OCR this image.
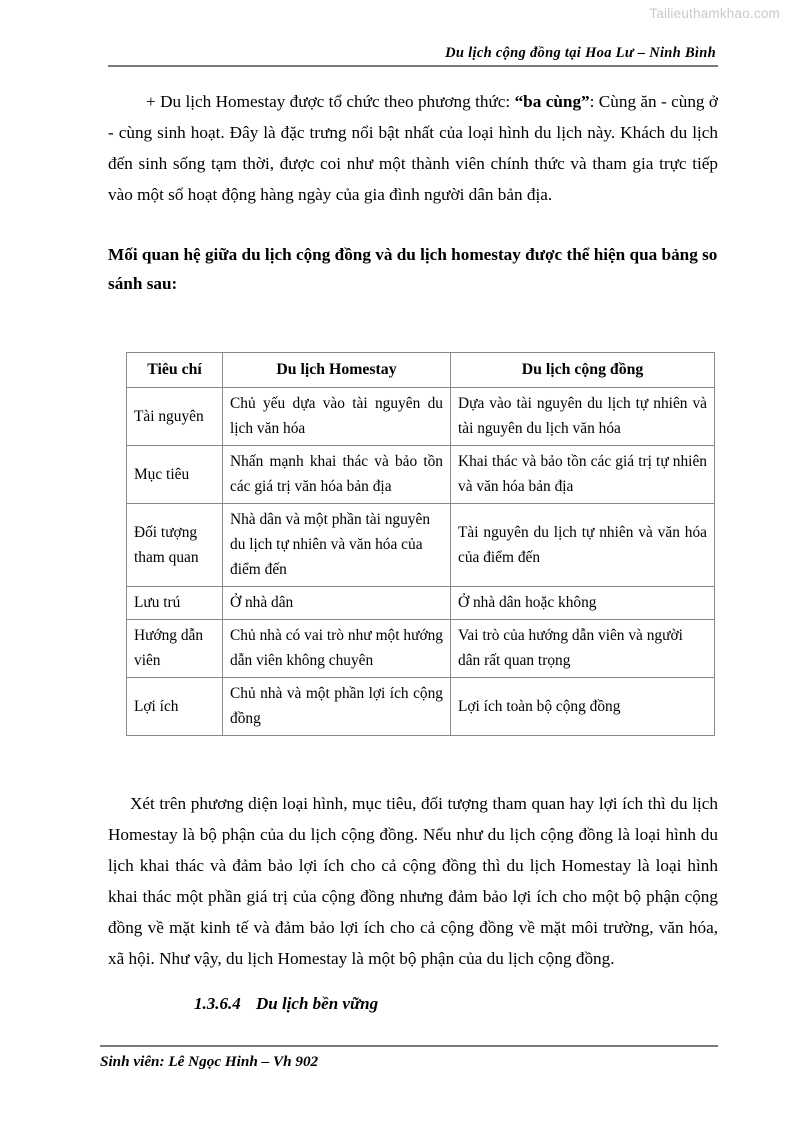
Tailieuthamkhao.com
Du lịch cộng đồng tại Hoa Lư – Ninh Bình

+ Du lịch Homestay được tổ chức theo phương thức: “ba cùng”: Cùng ăn - cùng ở - cùng sinh hoạt. Đây là đặc trưng nổi bật nhất của loại hình du lịch này. Khách du lịch đến sinh sống tạm thời, được coi như một thành viên chính thức và tham gia trực tiếp vào một số hoạt động hàng ngày của gia đình người dân bản địa.

Mối quan hệ giữa du lịch cộng đồng và du lịch homestay được thể hiện qua bảng so sánh sau:

Tiêu chí	Du lịch Homestay	Du lịch cộng đồng
Tài nguyên	Chủ yếu dựa vào tài nguyên du lịch văn hóa	Dựa vào tài nguyên du lịch tự nhiên và tài nguyên du lịch văn hóa
Mục tiêu	Nhấn mạnh khai thác và bảo tồn các giá trị văn hóa bản địa	Khai thác và bảo tồn các giá trị tự nhiên và văn hóa bản địa
Đối tượng tham quan	Nhà dân và một phần tài nguyên du lịch tự nhiên và văn hóa của điểm đến	Tài nguyên du lịch tự nhiên và văn hóa của điểm đến
Lưu trú	Ở nhà dân	Ở nhà dân hoặc không
Hướng dẫn viên	Chủ nhà có vai trò như một hướng dẫn viên không chuyên	Vai trò của hướng dẫn viên và người dân rất quan trọng
Lợi ích	Chủ nhà và một phần lợi ích cộng đồng	Lợi ích toàn bộ cộng đồng

Xét trên phương diện loại hình, mục tiêu, đối tượng tham quan hay lợi ích thì du lịch Homestay là bộ phận của du lịch cộng đồng. Nếu như du lịch cộng đồng là loại hình du lịch khai thác và đảm bảo lợi ích cho cả cộng đồng thì du lịch Homestay là loại hình khai thác một phần giá trị của cộng đồng nhưng đảm bảo lợi ích cho một bộ phận cộng đồng về mặt kinh tế và đảm bảo lợi ích cho cả cộng đồng về mặt môi trường, văn hóa, xã hội. Như vậy, du lịch Homestay là một bộ phận của du lịch cộng đồng.

1.3.6.4 Du lịch bền vững

Sinh viên: Lê Ngọc Hinh – Vh 902
